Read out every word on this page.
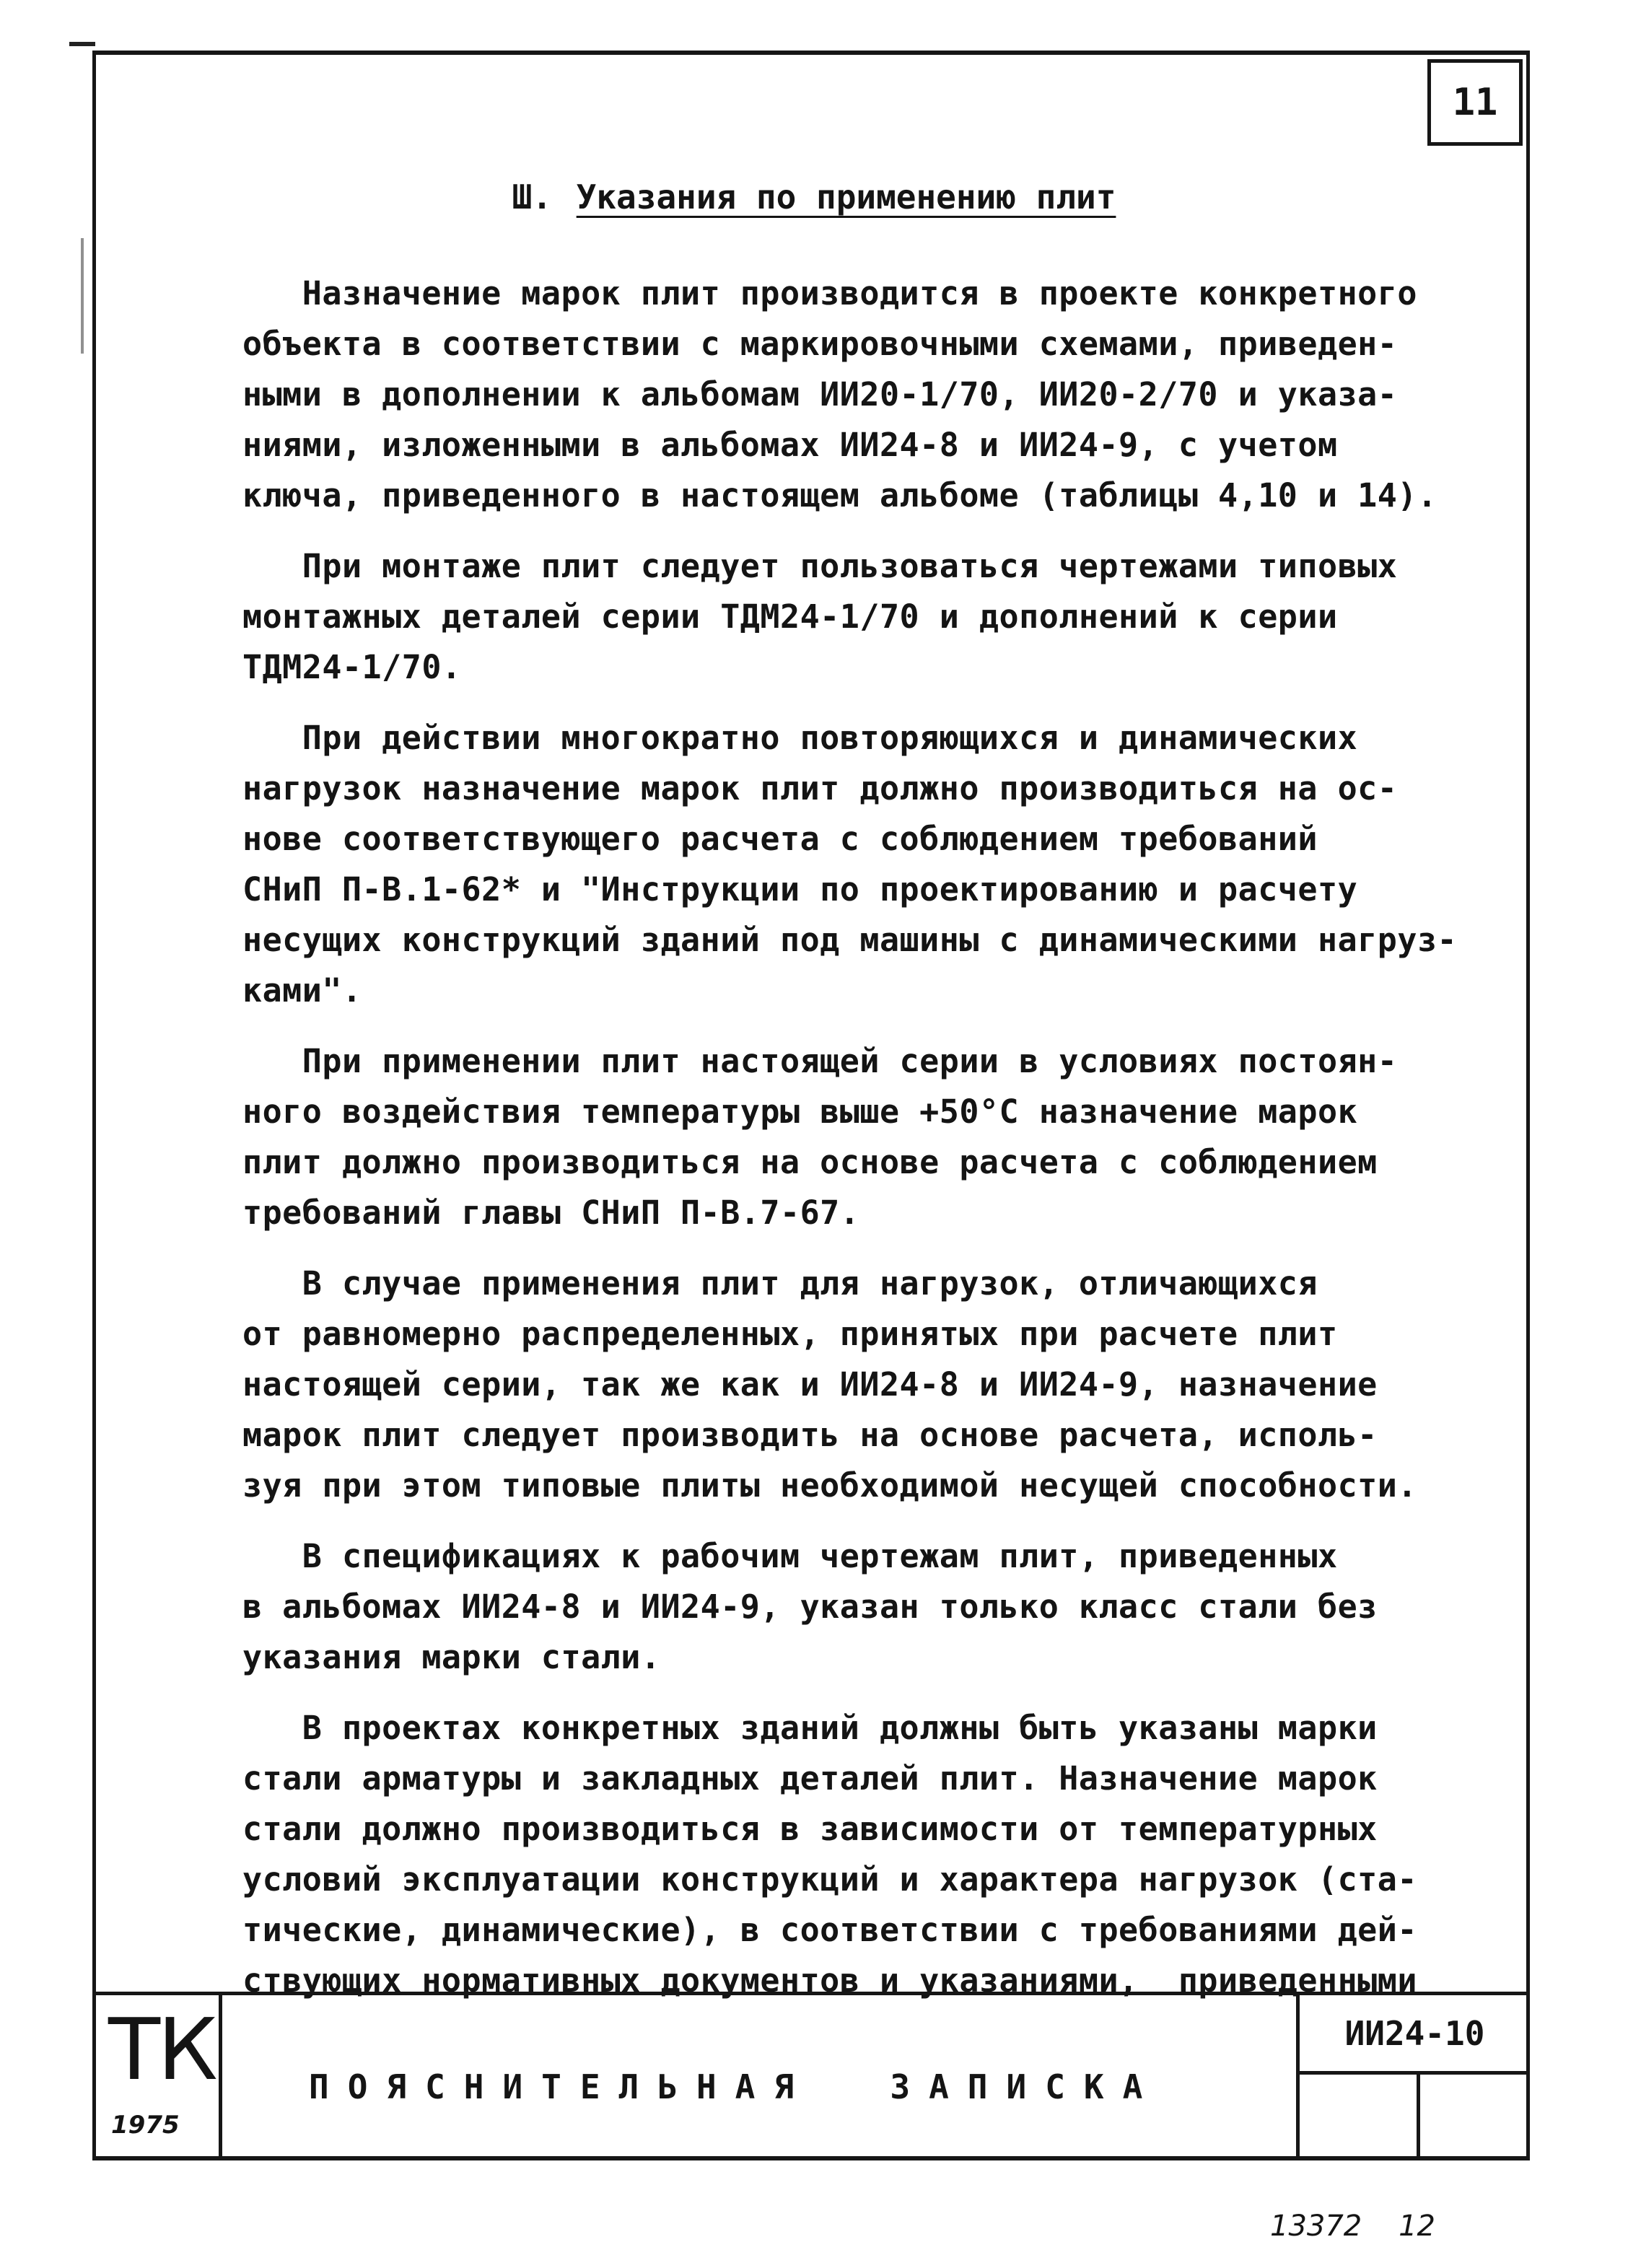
11
Ш. Указания по применению плит
Назначение марок плит производится в проекте конкретного
объекта в соответствии с маркировочными схемами, приведен-
ными в дополнении к альбомам ИИ20-1/70, ИИ20-2/70 и указа-
ниями, изложенными в альбомах ИИ24-8 и ИИ24-9, с учетом
ключа, приведенного в настоящем альбоме (таблицы 4,10 и 14).
При монтаже плит следует пользоваться чертежами типовых
монтажных деталей серии ТДМ24-1/70 и дополнений к серии
ТДМ24-1/70.
При действии многократно повторяющихся и динамических
нагрузок назначение марок плит должно производиться на ос-
нове соответствующего расчета с соблюдением требований
СНиП П-В.1-62* и "Инструкции по проектированию и расчету
несущих конструкций зданий под машины с динамическими нагруз-
ками".
При применении плит настоящей серии в условиях постоян-
ного воздействия температуры выше +50°С назначение марок
плит должно производиться на основе расчета с соблюдением
требований главы СНиП П-В.7-67.
В случае применения плит для нагрузок, отличающихся
от равномерно распределенных, принятых при расчете плит
настоящей серии, так же как и ИИ24-8 и ИИ24-9, назначение
марок плит следует производить на основе расчета, исполь-
зуя при этом типовые плиты необходимой несущей способности.
В спецификациях к рабочим чертежам плит, приведенных
в альбомах ИИ24-8 и ИИ24-9, указан только класс стали без
указания марки стали.
В проектах конкретных зданий должны быть указаны марки
стали арматуры и закладных деталей плит. Назначение марок
стали должно производиться в зависимости от температурных
условий эксплуатации конструкций и характера нагрузок (ста-
тические, динамические), в соответствии с требованиями дей-
ствующих нормативных документов и указаниями,  приведенными
ТК
1975
ПОЯСНИТЕЛЬНАЯ  ЗАПИСКА
ИИ24-10
13372 12
